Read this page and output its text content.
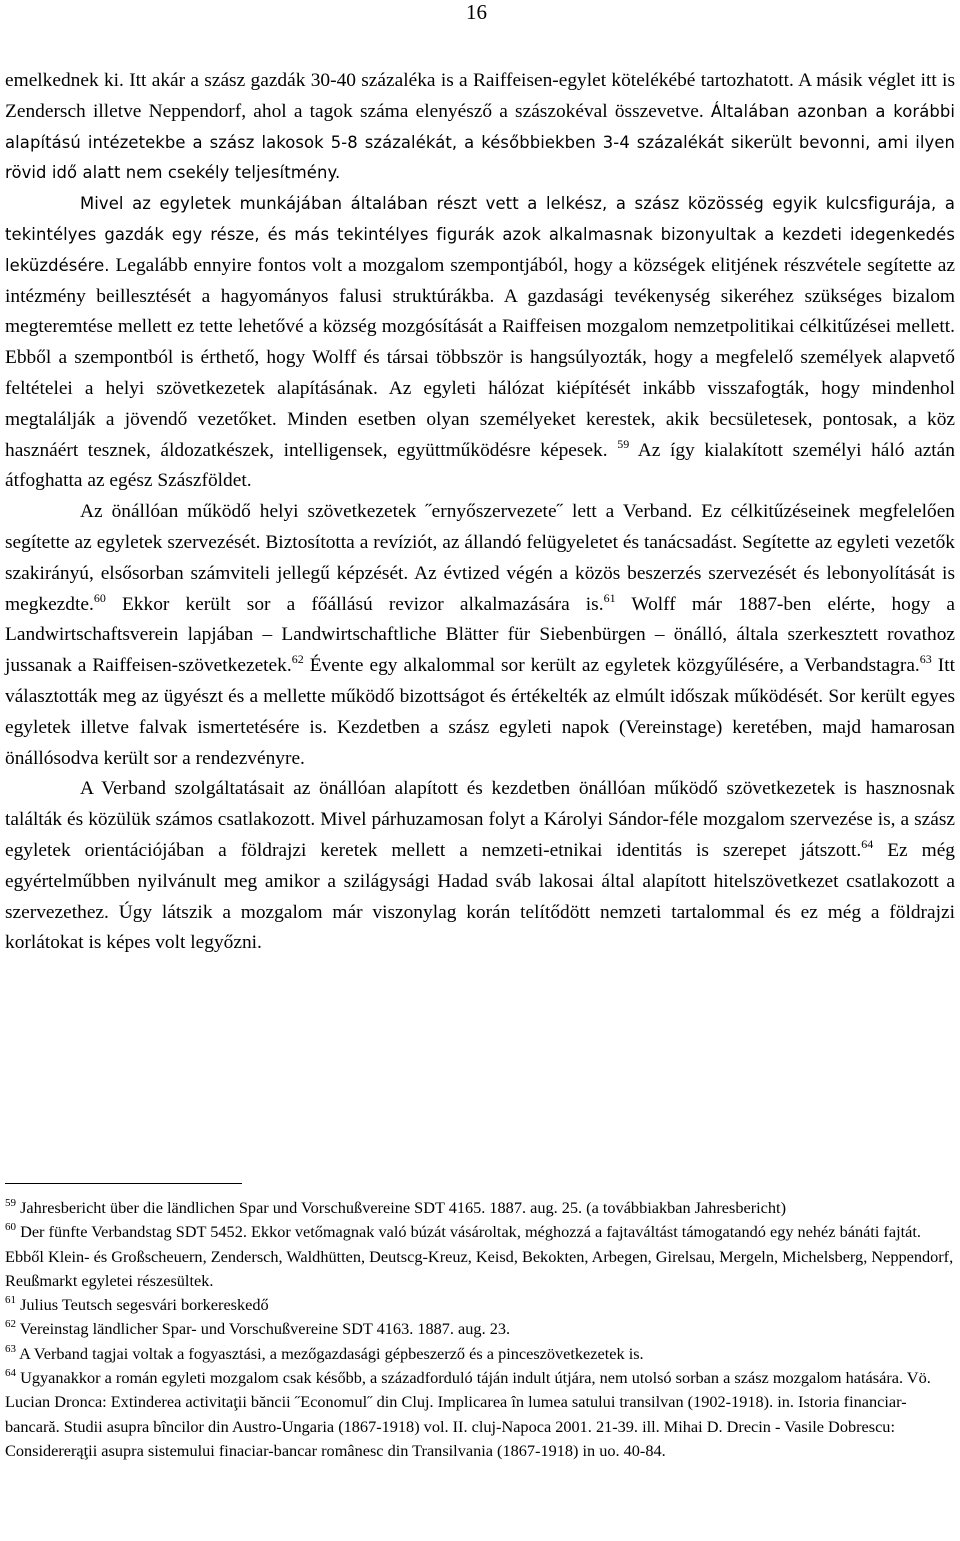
16

emelkednek ki. Itt akár a szász gazdák 30-40 százaléka is a Raiffeisen-egylet kötelékébé tartozhatott. A másik véglet itt is Zendersch illetve Neppendorf, ahol a tagok száma elenyésző a szászokéval összevetve. Általában azonban a korábbi alapítású intézetekbe a szász lakosok 5-8 százalékát, a későbbiekben 3-4 százalékát sikerült bevonni, ami ilyen rövid idő alatt nem csekély teljesítmény.

Mivel az egyletek munkájában általában részt vett a lelkész, a szász közösség egyik kulcsfigurája, a tekintélyes gazdák egy része, és más tekintélyes figurák azok alkalmasnak bizonyultak a kezdeti idegenkedés leküzdésére. Legalább ennyire fontos volt a mozgalom szempontjából, hogy a községek elitjének részvétele segítette az intézmény beillesztését a hagyományos falusi struktúrákba. A gazdasági tevékenység sikeréhez szükséges bizalom megteremtése mellett ez tette lehetővé a község mozgósítását a Raiffeisen mozgalom nemzetpolitikai célkitűzései mellett. Ebből a szempontból is érthető, hogy Wolff és társai többször is hangsúlyozták, hogy a megfelelő személyek alapvető feltételei a helyi szövetkezetek alapításának. Az egyleti hálózat kiépítését inkább visszafogták, hogy mindenhol megtalálják a jövendő vezetőket. Minden esetben olyan személyeket kerestek, akik becsületesek, pontosak, a köz hasznáért tesznek, áldozatkészek, intelligensek, együttműködésre képesek. $^{59}$ Az így kialakított személyi háló aztán átfoghatta az egész Szászföldet.

Az önállóan működő helyi szövetkezetek ˝ernyőszervezete˝ lett a Verband. Ez célkitűzéseinek megfelelően segítette az egyletek szervezését. Biztosította a revíziót, az állandó felügyeletet és tanácsadást. Segítette az egyleti vezetők szakirányú, elsősorban számviteli jellegű képzését. Az évtized végén a közös beszerzés szervezését és lebonyolítását is megkezdte.$^{60}$ Ekkor került sor a főállású revizor alkalmazására is.$^{61}$ Wolff már 1887-ben elérte, hogy a Landwirtschaftsverein lapjában – Landwirtschaftliche Blätter für Siebenbürgen – önálló, általa szerkesztett rovathoz jussanak a Raiffeisen-szövetkezetek.$^{62}$ Évente egy alkalommal sor került az egyletek közgyűlésére, a Verbandstagra.$^{63}$ Itt választották meg az ügyészt és a mellette működő bizottságot és értékelték az elmúlt időszak működését. Sor került egyes egyletek illetve falvak ismertetésére is. Kezdetben a szász egyleti napok (Vereinstage) keretében, majd hamarosan önállósodva került sor a rendezvényre.

A Verband szolgáltatásait az önállóan alapított és kezdetben önállóan működő szövetkezetek is hasznosnak találták és közülük számos csatlakozott. Mivel párhuzamosan folyt a Károlyi Sándor-féle mozgalom szervezése is, a szász egyletek orientációjában a földrajzi keretek mellett a nemzeti-etnikai identitás is szerepet játszott.$^{64}$ Ez még egyértelműbben nyilvánult meg amikor a szilágysági Hadad sváb lakosai által alapított hitelszövetkezet csatlakozott a szervezethez. Úgy látszik a mozgalom már viszonylag korán telítődött nemzeti tartalommal és ez még a földrajzi korlátokat is képes volt legyőzni.

$^{59}$ Jahresbericht über die ländlichen Spar und Vorschußvereine SDT 4165. 1887. aug. 25. (a továbbiakban Jahresbericht)

$^{60}$ Der fünfte Verbandstag SDT 5452. Ekkor vetőmagnak való búzát vásároltak, méghozzá a fajtaváltást támogatandó egy nehéz bánáti fajtát. Ebből Klein- és Großscheuern, Zendersch, Waldhütten, Deutscg-Kreuz, Keisd, Bekokten, Arbegen, Girelsau, Mergeln, Michelsberg, Neppendorf, Reußmarkt egyletei részesültek.

$^{61}$ Julius Teutsch segesvári borkereskedő

$^{62}$ Vereinstag ländlicher Spar- und Vorschußvereine SDT 4163. 1887. aug. 23.

$^{63}$ A Verband tagjai voltak a fogyasztási, a mezőgazdasági gépbeszerző és a pinceszövetkezetek is.

$^{64}$ Ugyanakkor a román egyleti mozgalom csak később, a századforduló táján indult útjára, nem utolsó sorban a szász mozgalom hatására. Vö. Lucian Dronca: Extinderea activitaţii băncii ˝Economul˝ din Cluj. Implicarea în lumea satului transilvan (1902-1918). in. Istoria financiar-bancară. Studii asupra bîncilor din Austro-Ungaria (1867-1918) vol. II. cluj-Napoca 2001. 21-39. ill. Mihai D. Drecin - Vasile Dobrescu: Considererąţii asupra sistemului finaciar-bancar românesc din Transilvania (1867-1918) in uo. 40-84.
